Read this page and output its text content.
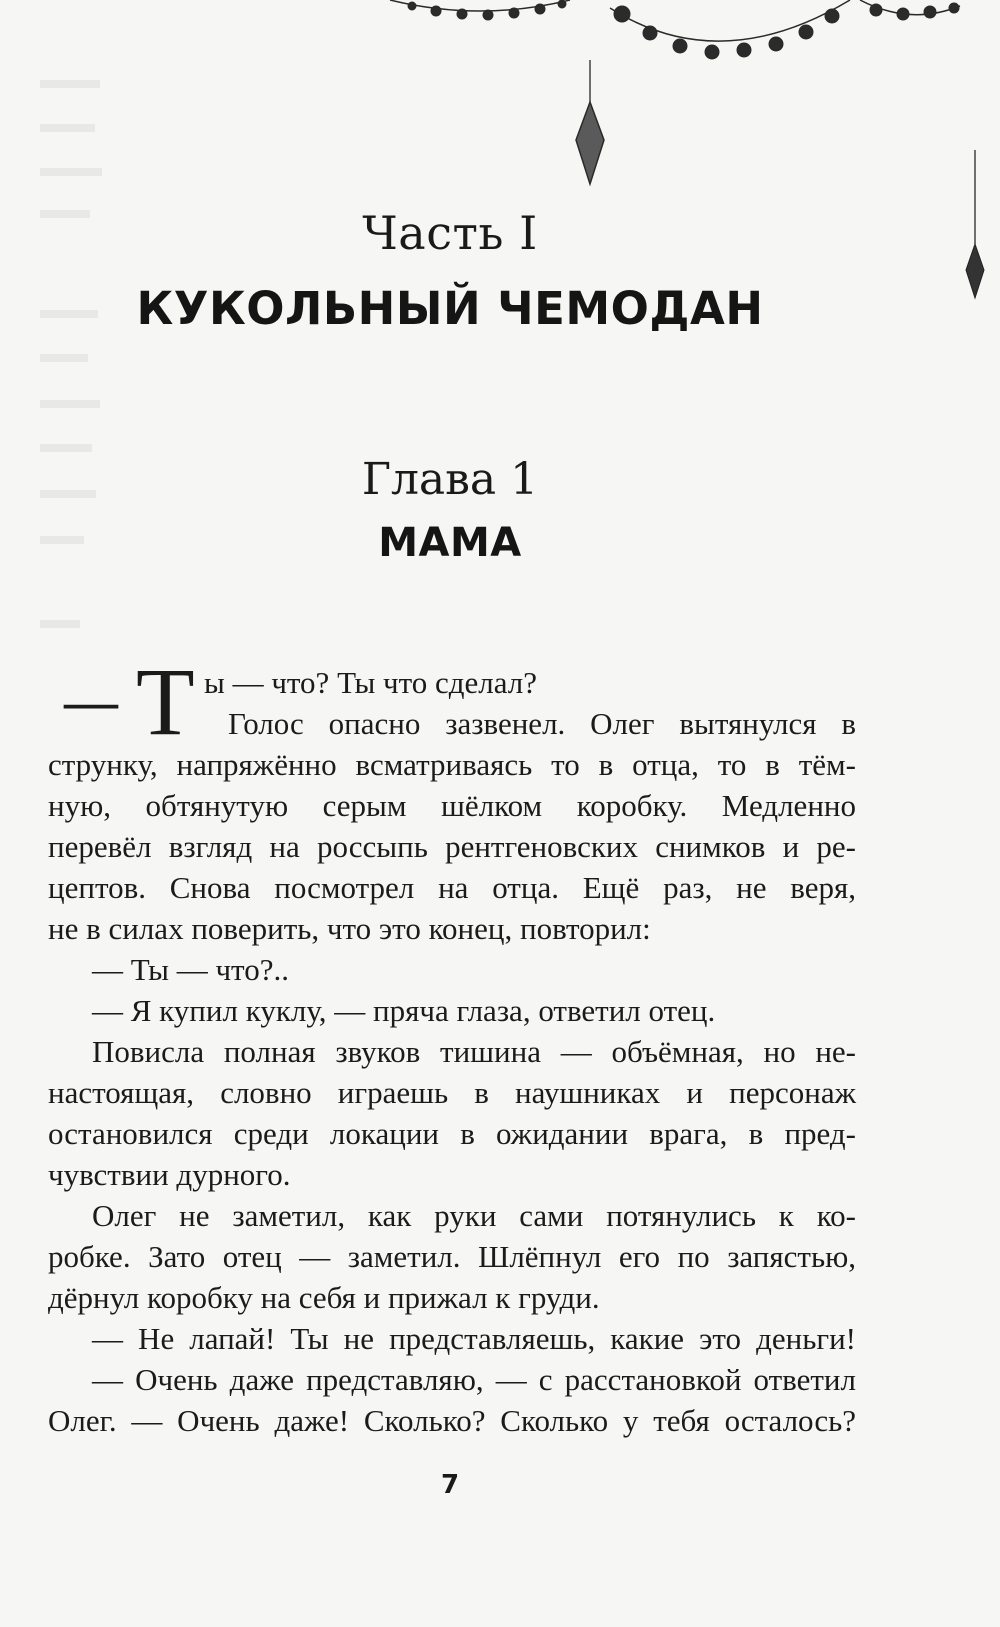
Часть I
КУКОЛЬНЫЙ ЧЕМОДАН
Глава 1
МАМА
— Т ы — что? Ты что сделал?
Голос опасно зазвенел. Олег вытянулся в
струнку, напряжённо всматриваясь то в отца, то в тём-
ную, обтянутую серым шёлком коробку. Медленно
перевёл взгляд на россыпь рентгеновских снимков и ре-
цептов. Снова посмотрел на отца. Ещё раз, не веря,
не в силах поверить, что это конец, повторил:
— Ты — что?..
— Я купил куклу, — пряча глаза, ответил отец.
Повисла полная звуков тишина — объёмная, но не-
настоящая, словно играешь в наушниках и персонаж
остановился среди локации в ожидании врага, в пред-
чувствии дурного.
Олег не заметил, как руки сами потянулись к ко-
робке. Зато отец — заметил. Шлёпнул его по запястью,
дёрнул коробку на себя и прижал к груди.
— Не лапай! Ты не представляешь, какие это деньги!
— Очень даже представляю, — с расстановкой ответил
Олег. — Очень даже! Сколько? Сколько у тебя осталось?
7
